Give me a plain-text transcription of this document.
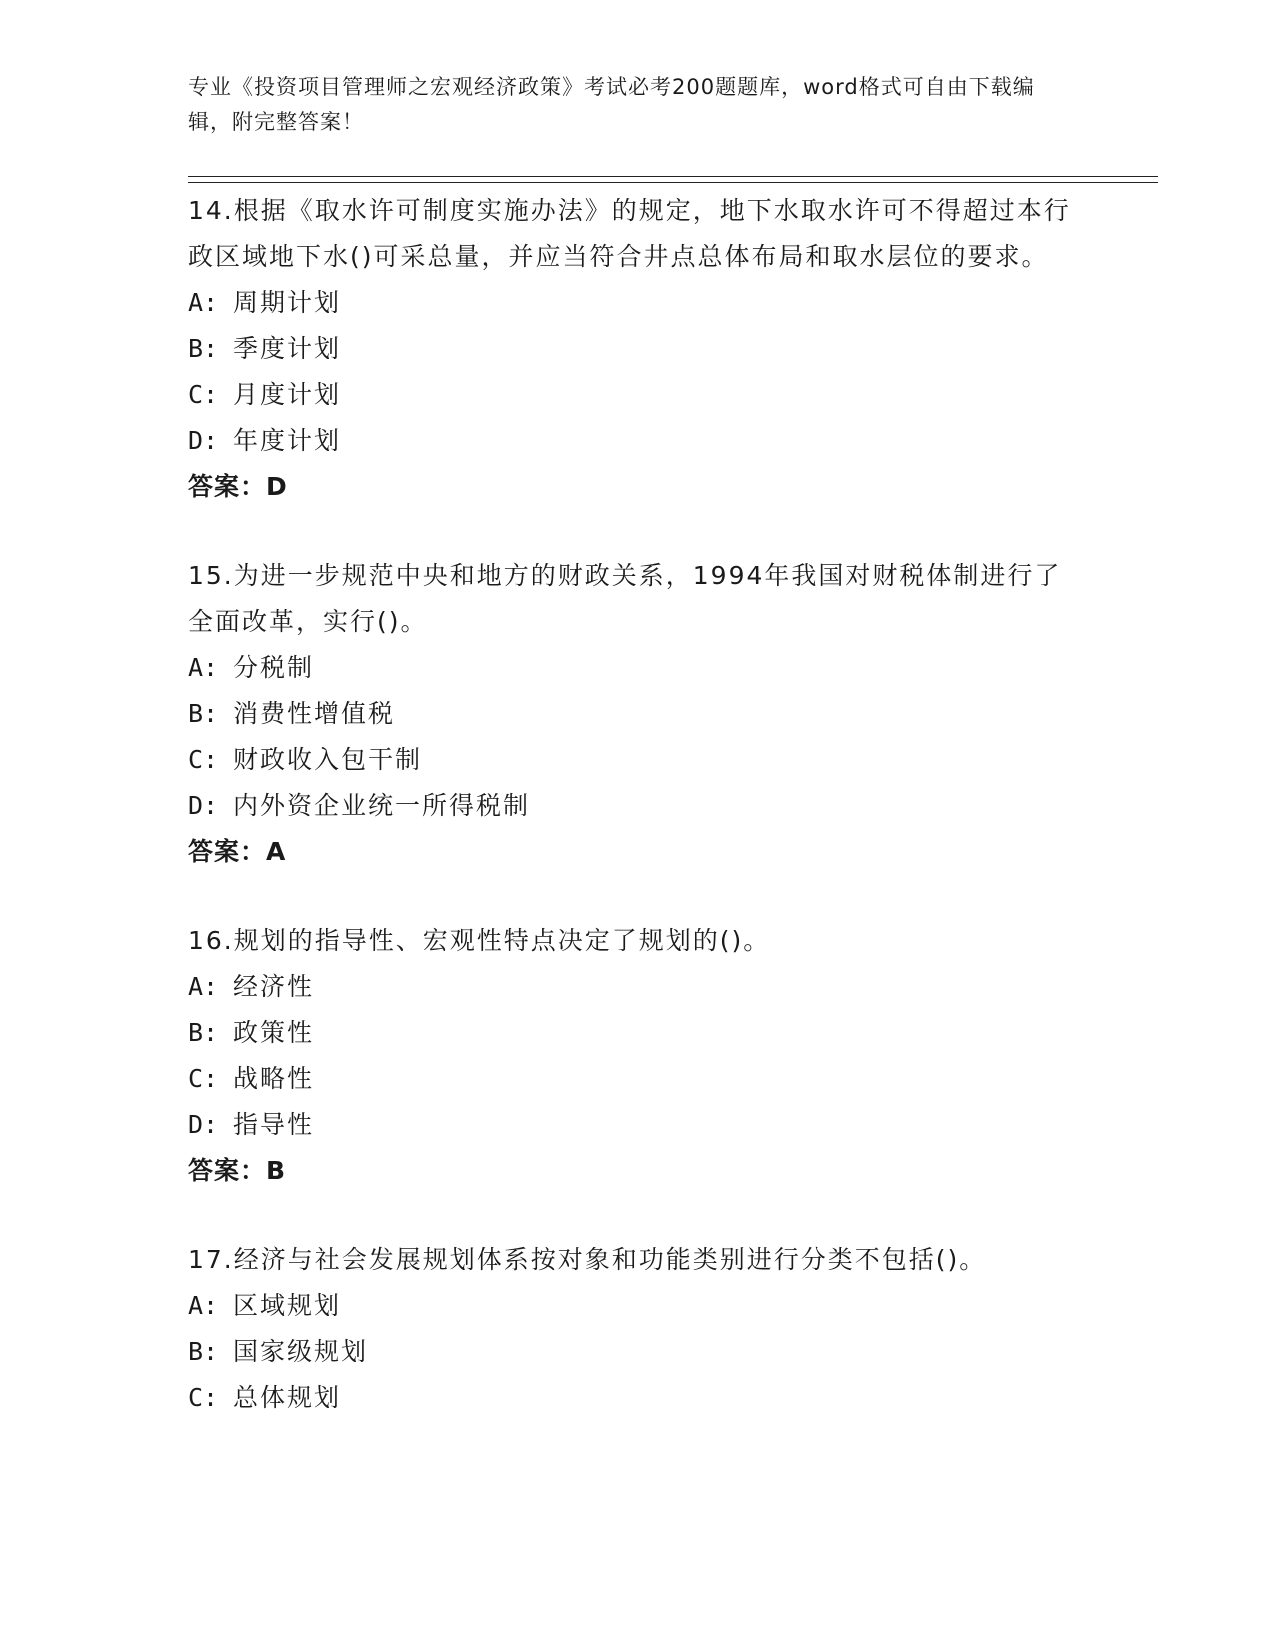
专业《投资项目管理师之宏观经济政策》考试必考200题题库，word格式可自由下载编辑，附完整答案！

14.根据《取水许可制度实施办法》的规定，地下水取水许可不得超过本行政区域地下水()可采总量，并应当符合井点总体布局和取水层位的要求。

A: 周期计划
B: 季度计划
C: 月度计划
D: 年度计划
答案：D

15.为进一步规范中央和地方的财政关系，1994年我国对财税体制进行了全面改革，实行()。

A: 分税制
B: 消费性增值税
C: 财政收入包干制
D: 内外资企业统一所得税制
答案：A

16.规划的指导性、宏观性特点决定了规划的()。

A: 经济性
B: 政策性
C: 战略性
D: 指导性
答案：B

17.经济与社会发展规划体系按对象和功能类别进行分类不包括()。

A: 区域规划
B: 国家级规划
C: 总体规划
